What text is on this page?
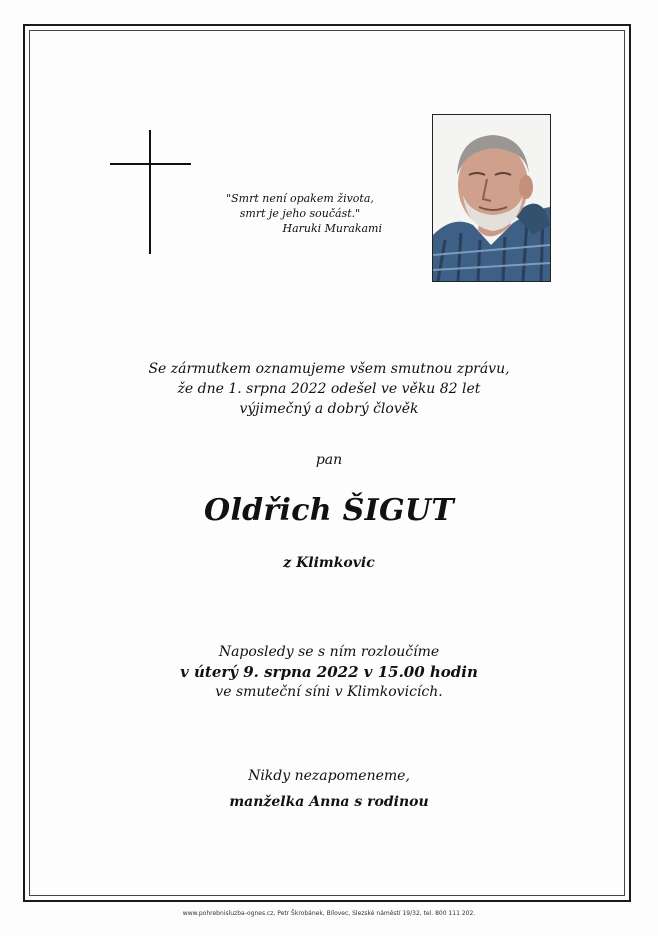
"Smrt není opakem života,
smrt je jeho součást."
Haruki Murakami
Se zármutkem oznamujeme všem smutnou zprávu,
že dne 1. srpna 2022 odešel ve věku 82 let
výjimečný a dobrý člověk
pan
Oldřich ŠIGUT
z Klimkovic
Naposledy se s ním rozloučíme
v úterý 9. srpna 2022 v 15.00 hodin
ve smuteční síni v Klimkovicích.
Nikdy nezapomeneme,
manželka Anna s rodinou
www.pohrebnisluzba-ognes.cz, Petr Škrobánek, Bílovec, Slezské náměstí 19/32, tel. 800 111 202.
